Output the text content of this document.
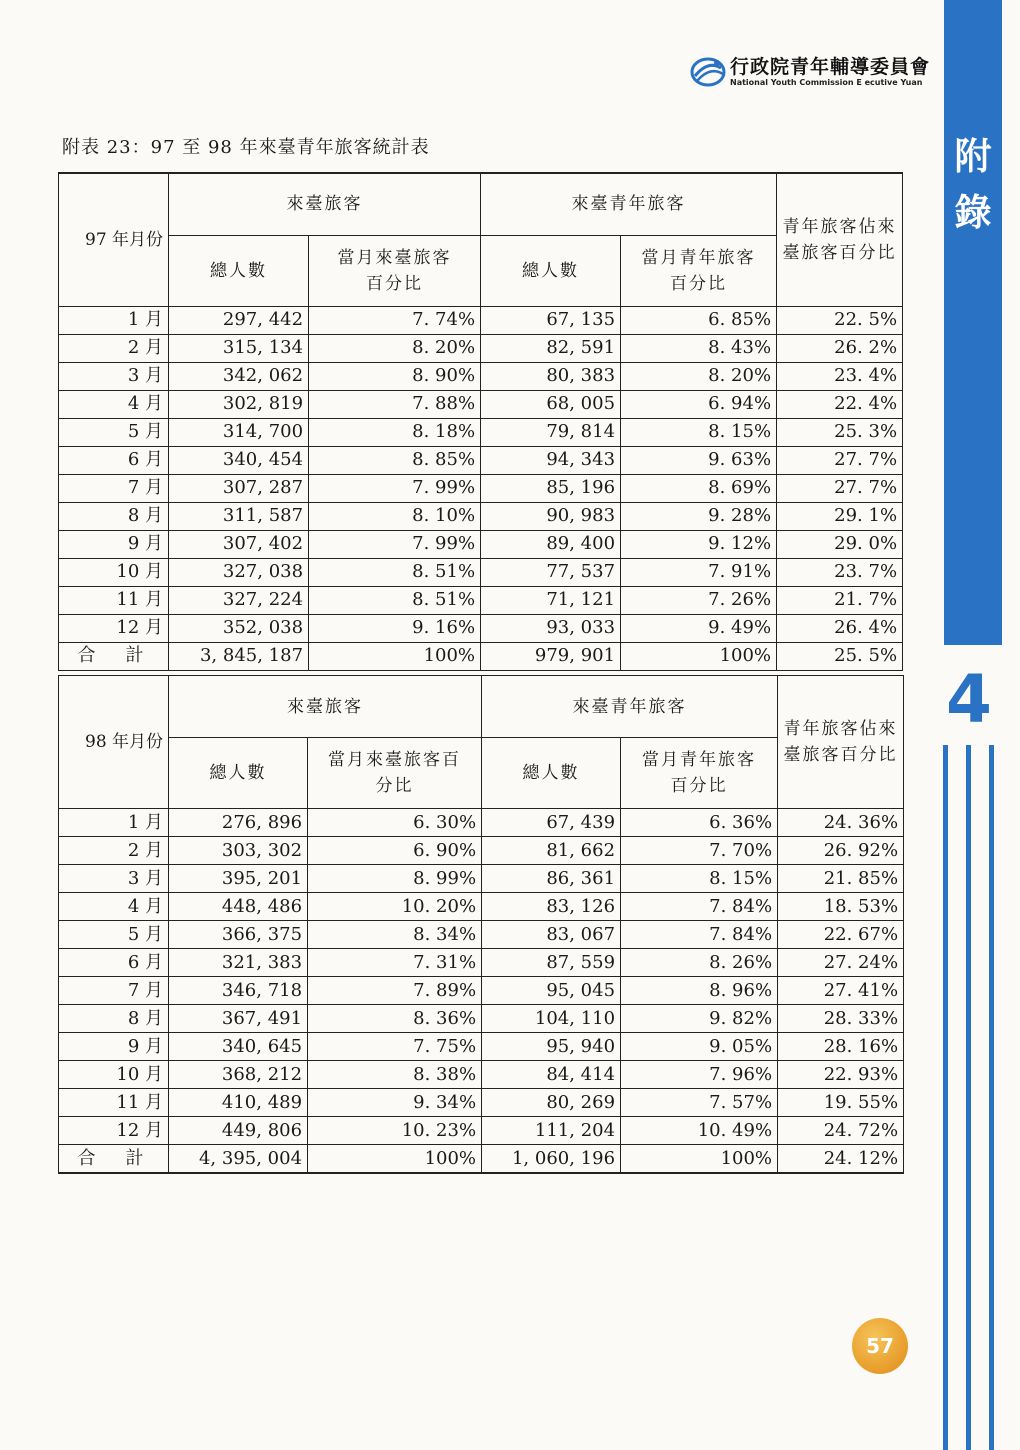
附錄
4
行政院青年輔導委員會
National Youth Commission E ecutive Yuan
附表 23：97 至 98 年來臺青年旅客統計表
97 年月份	來臺旅客		來臺青年旅客		青年旅客佔來臺旅客百分比
	總人數	當月來臺旅客百分比	總人數	當月青年旅客百分比	
1 月	297, 442	7. 74%	67, 135	6. 85%	22. 5%
2 月	315, 134	8. 20%	82, 591	8. 43%	26. 2%
3 月	342, 062	8. 90%	80, 383	8. 20%	23. 4%
4 月	302, 819	7. 88%	68, 005	6. 94%	22. 4%
5 月	314, 700	8. 18%	79, 814	8. 15%	25. 3%
6 月	340, 454	8. 85%	94, 343	9. 63%	27. 7%
7 月	307, 287	7. 99%	85, 196	8. 69%	27. 7%
8 月	311, 587	8. 10%	90, 983	9. 28%	29. 1%
9 月	307, 402	7. 99%	89, 400	9. 12%	29. 0%
10 月	327, 038	8. 51%	77, 537	7. 91%	23. 7%
11 月	327, 224	8. 51%	71, 121	7. 26%	21. 7%
12 月	352, 038	9. 16%	93, 033	9. 49%	26. 4%
合　計	3, 845, 187	100%	979, 901	100%	25. 5%
98 年月份	來臺旅客		來臺青年旅客		青年旅客佔來臺旅客百分比
	總人數	當月來臺旅客百分比	總人數	當月青年旅客百分比	
1 月	276, 896	6. 30%	67, 439	6. 36%	24. 36%
2 月	303, 302	6. 90%	81, 662	7. 70%	26. 92%
3 月	395, 201	8. 99%	86, 361	8. 15%	21. 85%
4 月	448, 486	10. 20%	83, 126	7. 84%	18. 53%
5 月	366, 375	8. 34%	83, 067	7. 84%	22. 67%
6 月	321, 383	7. 31%	87, 559	8. 26%	27. 24%
7 月	346, 718	7. 89%	95, 045	8. 96%	27. 41%
8 月	367, 491	8. 36%	104, 110	9. 82%	28. 33%
9 月	340, 645	7. 75%	95, 940	9. 05%	28. 16%
10 月	368, 212	8. 38%	84, 414	7. 96%	22. 93%
11 月	410, 489	9. 34%	80, 269	7. 57%	19. 55%
12 月	449, 806	10. 23%	111, 204	10. 49%	24. 72%
合　計	4, 395, 004	100%	1, 060, 196	100%	24. 12%
57
